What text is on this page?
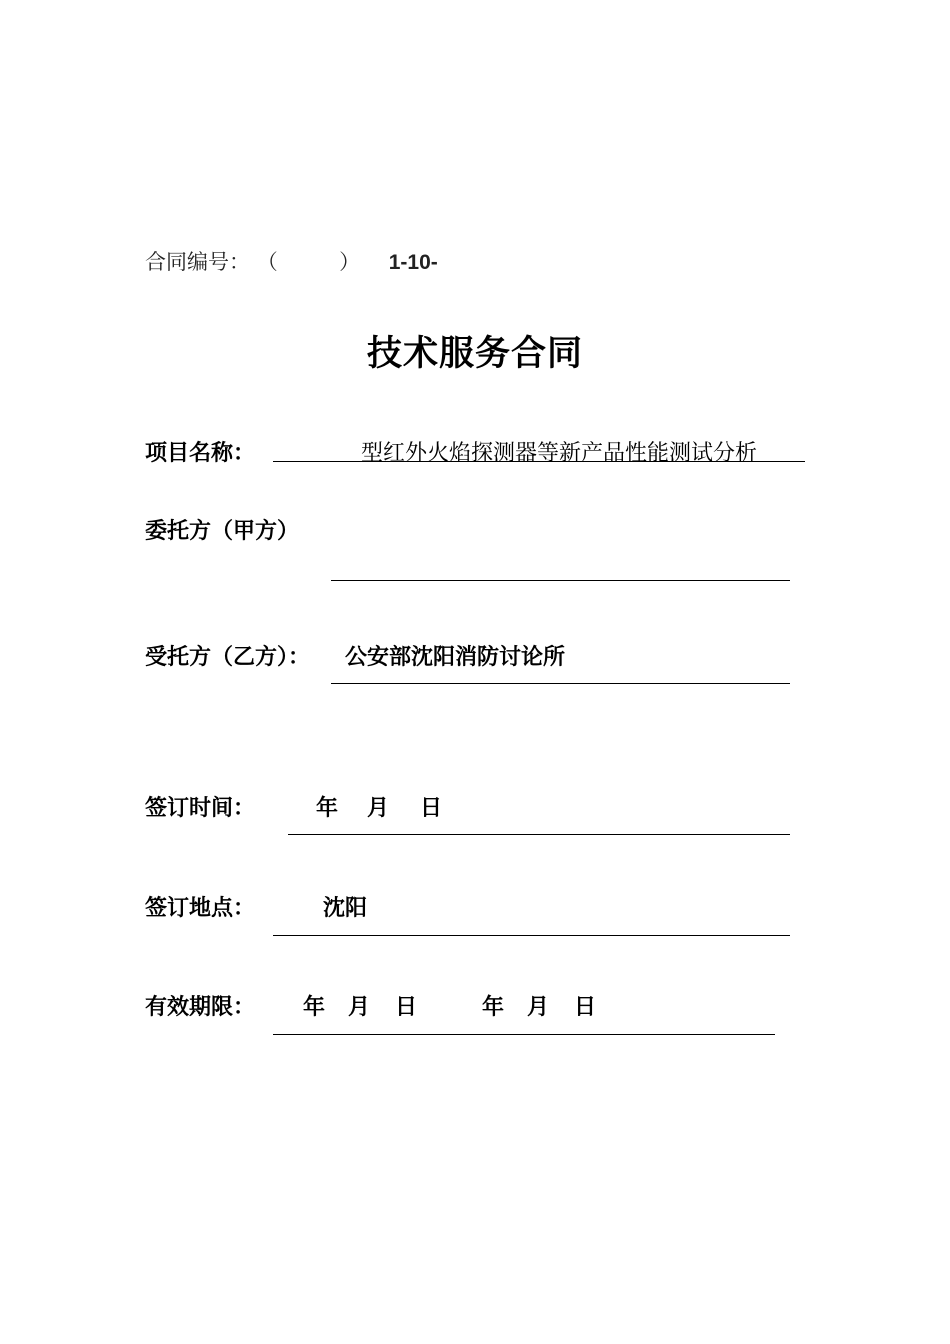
合同编号： （	） 1-10-
技术服务合同
项目名称：	型红外火焰探测器等新产品性能测试分析
委托方（甲方）
受托方（乙方）： 公安部沈阳消防讨论所
签订时间：	年 月 日
签订地点：	沈阳
有效期限： 年 月 日	年 月 日
